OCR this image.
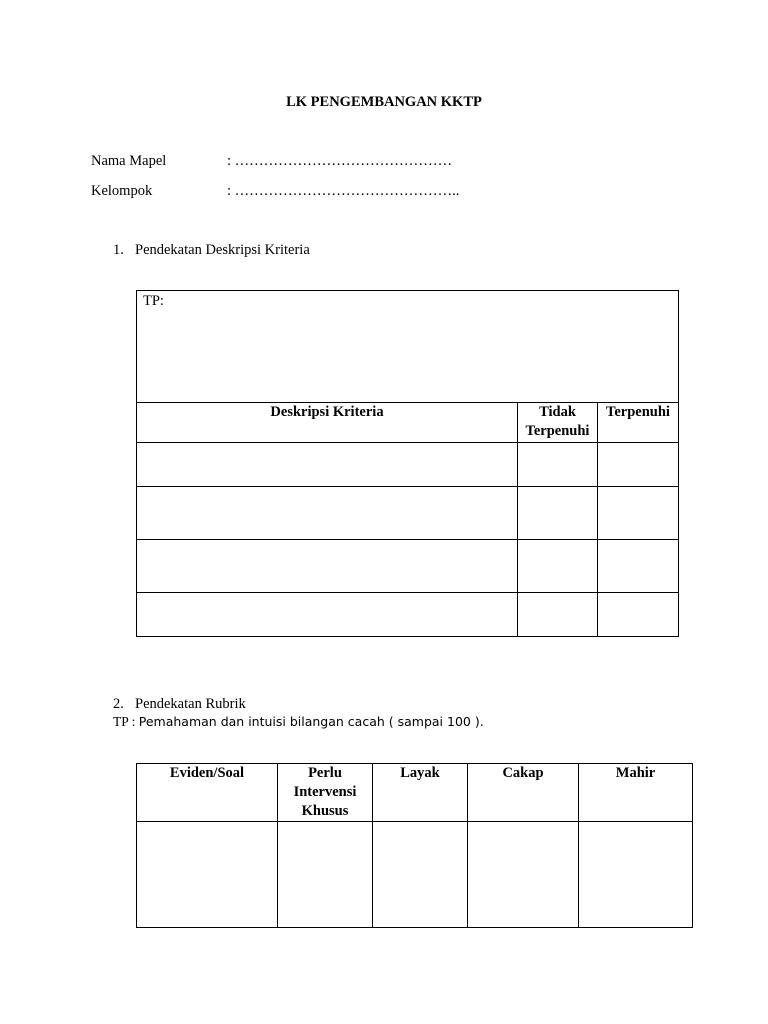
LK PENGEMBANGAN KKTP
Nama Mapel	: ………………………………………
Kelompok	: ………………………………………..
1. Pendekatan Deskripsi Kriteria
TP:		
Deskripsi Kriteria	Tidak Terpenuhi	Terpenuhi

2. Pendekatan Rubrik
TP : Pemahaman dan intuisi bilangan cacah ( sampai 100 ).
Eviden/Soal	Perlu Intervensi Khusus	Layak	Cakap	Mahir
